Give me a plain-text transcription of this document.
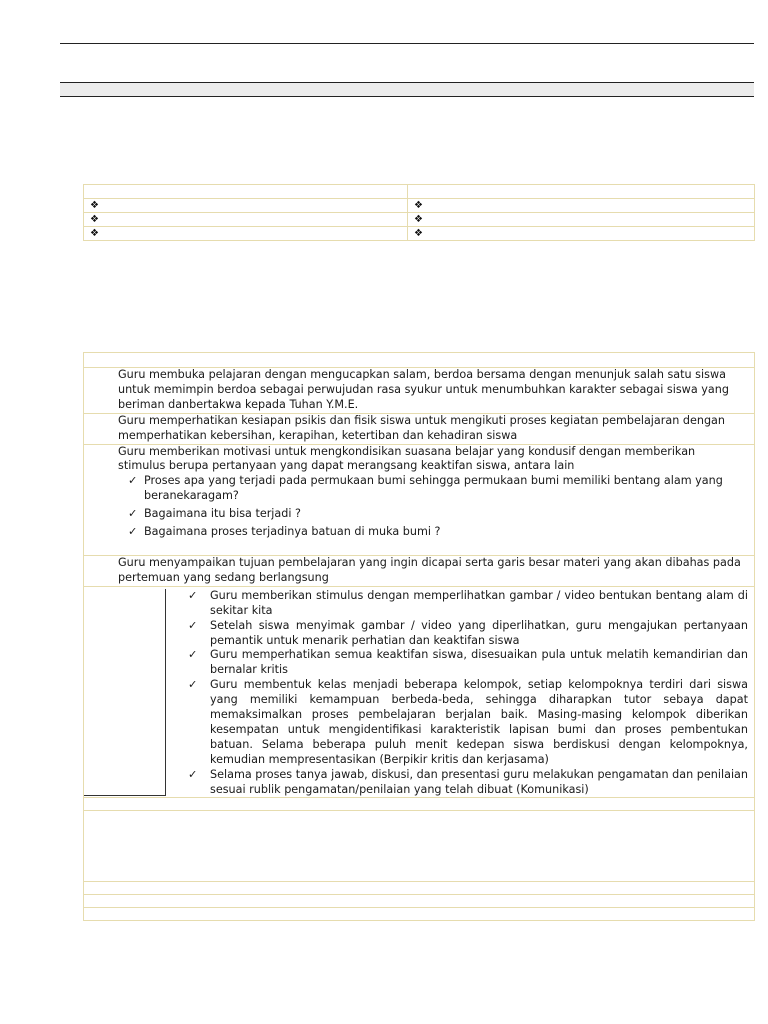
❖	❖
❖	❖
❖	❖

Guru membuka pelajaran dengan mengucapkan salam, berdoa bersama dengan menunjuk salah satu siswa untuk memimpin berdoa sebagai perwujudan rasa syukur untuk menumbuhkan karakter sebagai siswa yang beriman danbertakwa kepada Tuhan Y.M.E.
Guru memperhatikan kesiapan psikis dan fisik siswa untuk mengikuti proses kegiatan pembelajaran dengan memperhatikan kebersihan, kerapihan, ketertiban dan kehadiran siswa

Guru memberikan motivasi untuk mengkondisikan suasana belajar yang kondusif dengan memberikan stimulus berupa pertanyaan yang dapat merangsang keaktifan siswa, antara lain
✓ Proses apa yang terjadi pada permukaan bumi sehingga permukaan bumi memiliki bentang alam yang beranekaragam?
✓ Bagaimana itu bisa terjadi ?
✓ Bagaimana proses terjadinya batuan di muka bumi ?

Guru menyampaikan tujuan pembelajaran yang ingin dicapai serta garis besar materi yang akan dibahas pada pertemuan yang sedang berlangsung

✓ Guru memberikan stimulus dengan memperlihatkan gambar / video bentukan bentang alam di sekitar kita
✓ Setelah siswa menyimak gambar / video yang diperlihatkan, guru mengajukan pertanyaan pemantik untuk menarik perhatian dan keaktifan siswa
✓ Guru memperhatikan semua keaktifan siswa, disesuaikan pula untuk melatih kemandirian dan bernalar kritis
✓ Guru membentuk kelas menjadi beberapa kelompok, setiap kelompoknya terdiri dari siswa yang memiliki kemampuan berbeda-beda, sehingga diharapkan tutor sebaya dapat memaksimalkan proses pembelajaran berjalan baik. Masing-masing kelompok diberikan kesempatan untuk mengidentifikasi karakteristik lapisan bumi dan proses pembentukan batuan. Selama beberapa puluh menit kedepan siswa berdiskusi dengan kelompoknya, kemudian mempresentasikan (Berpikir kritis dan kerjasama)
✓ Selama proses tanya jawab, diskusi, dan presentasi guru melakukan pengamatan dan penilaian sesuai rublik pengamatan/penilaian yang telah dibuat (Komunikasi)
